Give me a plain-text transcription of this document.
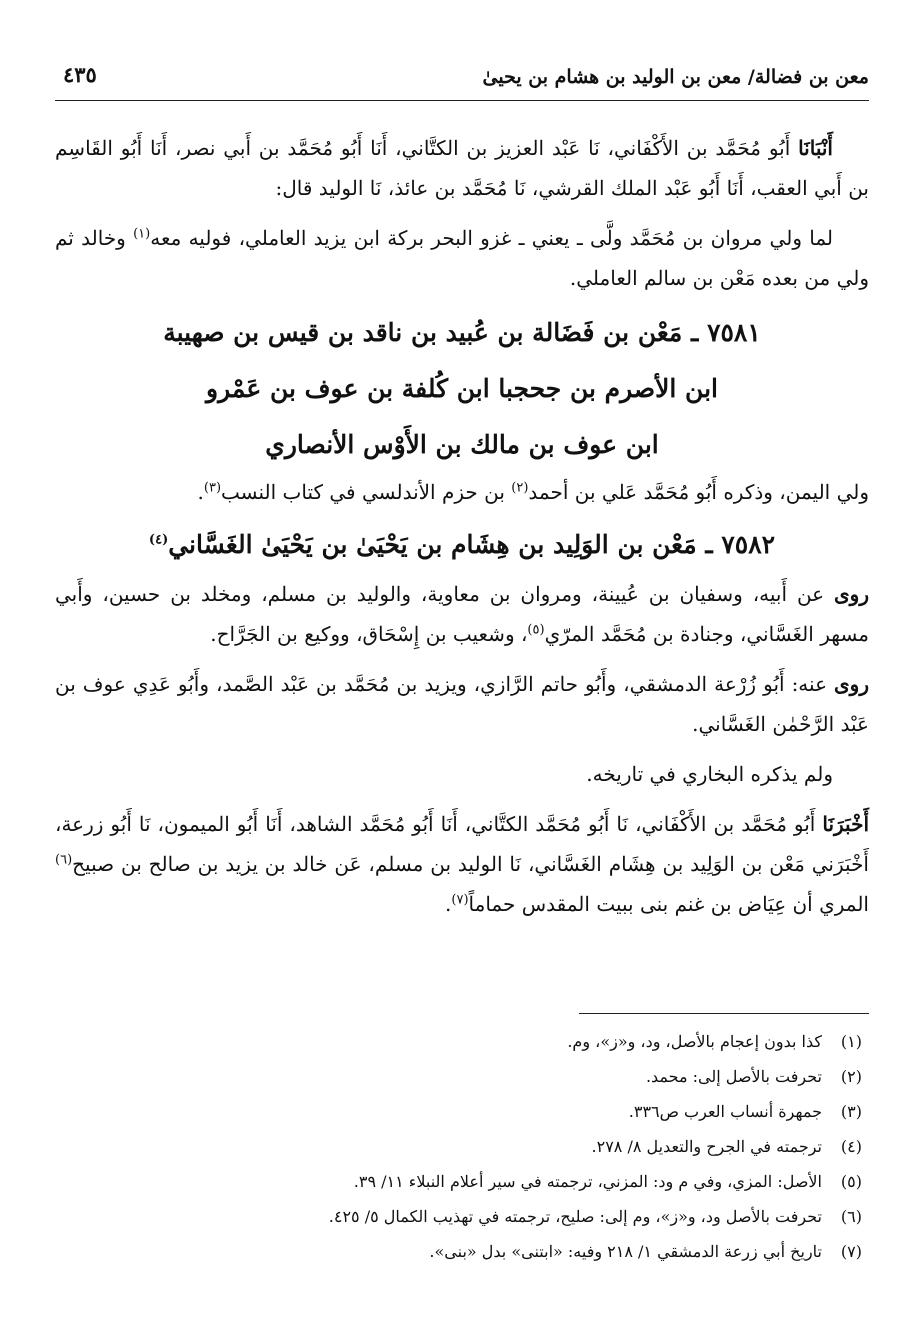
معن بن فضالة/ معن بن الوليد بن هشام بن يحيىٰ
٤٣٥

أَنْبَانَا أَبُو مُحَمَّد بن الأَكْفَاني، نَا عَبْد العزيز بن الكتَّاني، أَنَا أَبُو مُحَمَّد بن أَبي نصر، أَنَا أَبُو القَاسِم بن أَبي العقب، أَنَا أَبُو عَبْد الملك القرشي، نَا مُحَمَّد بن عائذ، نَا الوليد قال:

لما ولي مروان بن مُحَمَّد ولَّى ـ يعني ـ غزو البحر بركة ابن يزيد العاملي، فوليه معه$^{(١)}$ وخالد ثم ولي من بعده مَعْن بن سالم العاملي.

٧٥٨١ ـ مَعْن بن فَضَالة بن عُبيد بن ناقد بن قيس بن صهيبة
ابن الأصرم بن جحجبا ابن كُلفة بن عوف بن عَمْرو
ابن عوف بن مالك بن الأَوْس الأنصاري

ولي اليمن، وذكره أَبُو مُحَمَّد عَلي بن أحمد$^{(٢)}$ بن حزم الأندلسي في كتاب النسب$^{(٣)}$.

٧٥٨٢ ـ مَعْن بن الوَلِيد بن هِشَام بن يَحْيَىٰ بن يَحْيَىٰ الغَسَّاني$^{(٤)}$

روى عن أَبيه، وسفيان بن عُيينة، ومروان بن معاوية، والوليد بن مسلم، ومخلد بن حسين، وأَبي مسهر الغَسَّاني، وجنادة بن مُحَمَّد المرّي$^{(٥)}$، وشعيب بن إِسْحَاق، ووكيع بن الجَرَّاح.

روى عنه: أَبُو زُرْعة الدمشقي، وأَبُو حاتم الرَّازي، ويزيد بن مُحَمَّد بن عَبْد الصَّمد، وأَبُو عَدِي عوف بن عَبْد الرَّحْمٰن الغَسَّاني.

ولم يذكره البخاري في تاريخه.

أَخْبَرَنَا أَبُو مُحَمَّد بن الأَكْفَاني، نَا أَبُو مُحَمَّد الكتَّاني، أَنَا أَبُو مُحَمَّد الشاهد، أَنَا أَبُو الميمون، نَا أَبُو زرعة، أَخْبَرَني مَعْن بن الوَلِيد بن هِشَام الغَسَّاني، نَا الوليد بن مسلم، عَن خالد بن يزيد بن صالح بن صبيح$^{(٦)}$ المري أن عِيَاض بن غنم بنى ببيت المقدس حماماً$^{(٧)}$.

(١)كذا بدون إعجام بالأصل، ود، و«ز»، وم.
(٢)تحرفت بالأصل إلى: محمد.
(٣)جمهرة أنساب العرب ص٣٣٦.
(٤)ترجمته في الجرح والتعديل ٨/ ٢٧٨.
(٥)الأصل: المزي، وفي م ود: المزني، ترجمته في سير أعلام النبلاء ١١/ ٣٩.
(٦)تحرفت بالأصل ود، و«ز»، وم إلى: صليح، ترجمته في تهذيب الكمال ٥/ ٤٢٥.
(٧)تاريخ أبي زرعة الدمشقي ١/ ٢١٨ وفيه: «ابتنى» بدل «بنى».
